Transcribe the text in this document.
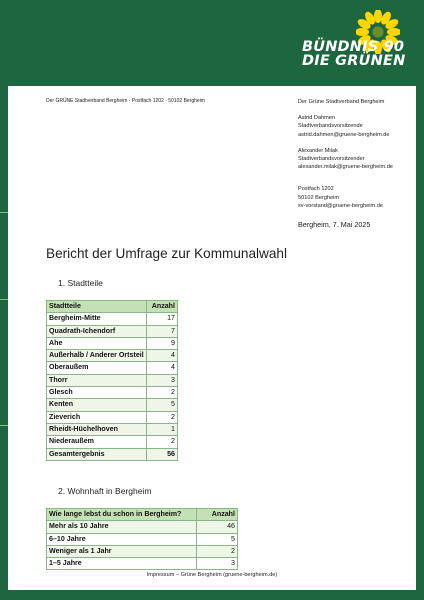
BÜNDNIS 90
DIE GRÜNEN
Der GRÜNE Stadtverband Bergheim · Postfach 1202 · 50102 Bergheim	Der Grüne Stadtverband Bergheim
Astrid Dahmen
Stadtverbandsvorsitzende
astrid.dahmen@gruene-bergheim.de
Alexander Milak
Stadtverbandsvorsitzender
alexander.milak@gruene-bergheim.de
Postfach 1202
50102 Bergheim
sv-vorstand@gruene-bergheim.de
Bergheim, 7. Mai 2025
Bericht der Umfrage zur Kommunalwahl
1. Stadtteile
Stadtteile	Anzahl
Bergheim-Mitte	17
Quadrath-Ichendorf	7
Ahe	9
Außerhalb / Anderer Ortsteil	4
Oberaußem	4
Thorr	3
Glesch	2
Kenten	5
Zieverich	2
Rheidt-Hüchelhoven	1
Niederaußem	2
Gesamtergebnis	56
2. Wohnhaft in Bergheim
Wie lange lebst du schon in Bergheim?	Anzahl
Mehr als 10 Jahre	46
6–10 Jahre	5
Weniger als 1 Jahr	2
1–5 Jahre	3
Impressum – Grüne Bergheim (gruene-bergheim.de)
